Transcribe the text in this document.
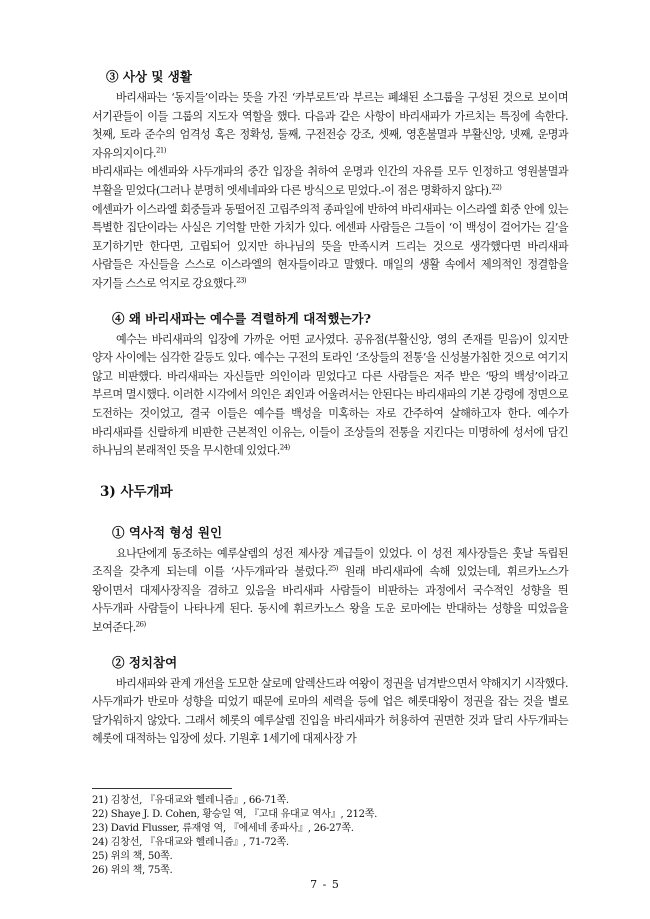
③ 사상 및 생활

바리새파는 ‘동지들’이라는 뜻을 가진 ‘카부로트’라 부르는 폐쇄된 소그룹을 구성된 것으로 보이며 서기관들이 이들 그룹의 지도자 역할을 했다. 다음과 같은 사항이 바리새파가 가르치는 특징에 속한다. 첫째, 토라 준수의 엄격성 혹은 정확성, 둘째, 구전전승 강조, 셋째, 영혼불멸과 부활신앙, 넷째, 운명과 자유의지이다.$^{21)}$

바리새파는 에센파와 사두개파의 중간 입장을 취하여 운명과 인간의 자유를 모두 인정하고 영원불멸과 부활을 믿었다(그러나 분명히 엣세네파와 다른 방식으로 믿었다.-이 점은 명확하지 않다).$^{22)}$

에센파가 이스라엘 회중들과 동떨어진 고립주의적 종파일에 반하여 바리새파는 이스라엘 회중 안에 있는 특별한 집단이라는 사실은 기억할 만한 가치가 있다. 에센파 사람들은 그들이 ‘이 백성이 걸어가는 길’을 포기하기만 한다면, 고립되어 있지만 하나님의 뜻을 만족시켜 드리는 것으로 생각했다면 바리새파 사람들은 자신들을 스스로 이스라엘의 현자들이라고 말했다. 매일의 생활 속에서 제의적인 정결함을 자기들 스스로 억지로 강요했다.$^{23)}$

④ 왜 바리새파는 예수를 격렬하게 대적했는가?

예수는 바리새파의 입장에 가까운 어떤 교사였다. 공유점(부활신앙, 영의 존재를 믿음)이 있지만 양자 사이에는 심각한 갈등도 있다. 예수는 구전의 토라인 ‘조상들의 전통’을 신성불가침한 것으로 여기지 않고 비판했다. 바리새파는 자신들만 의인이라 믿었다고 다른 사람들은 저주 받은 ‘땅의 백성’이라고 부르며 멸시했다. 이러한 시각에서 의인은 죄인과 어울려서는 안된다는 바리새파의 기본 강령에 정면으로 도전하는 것이었고, 결국 이들은 예수를 백성을 미혹하는 자로 간주하여 살해하고자 한다. 예수가 바리새파를 신랄하게 비판한 근본적인 이유는, 이들이 조상들의 전통을 지킨다는 미명하에 성서에 담긴 하나님의 본래적인 뜻을 무시한데 있었다.$^{24)}$

3) 사두개파
① 역사적 형성 원인

요나단에게 동조하는 예루살렘의 성전 제사장 계급들이 있었다. 이 성전 제사장들은 훗날 독립된 조직을 갖추게 되는데 이를 ‘사두개파’라 불렀다.$^{25)}$ 원래 바리새파에 속해 있었는데, 휘르카노스가 왕이면서 대제사장직을 겸하고 있음을 바리새파 사람들이 비판하는 과정에서 국수적인 성향을 띈 사두개파 사람들이 나타나게 된다. 동시에 휘르카노스 왕을 도운 로마에는 반대하는 성향을 띠었음을 보여준다.$^{26)}$

② 정치참여

바리새파와 관계 개선을 도모한 살로메 알렉산드라 여왕이 정권을 넘겨받으면서 약해지기 시작했다. 사두개파가 반로마 성향을 띠었기 때문에 로마의 세력을 등에 업은 헤롯대왕이 정권을 잡는 것을 별로 달가워하지 않았다. 그래서 헤롯의 예루살렘 진입을 바리새파가 허용하여 권면한 것과 달리 사두개파는 헤롯에 대적하는 입장에 섰다. 기원후 1세기에 대제사장 가

21) 김창선, 『유대교와 헬레니즘』, 66-71쪽.
22) Shaye J. D. Cohen, 황승일 역, 『고대 유대교 역사』, 212쪽.
23) David Flusser, 류재영 역, 『에세네 종파사』, 26-27쪽.
24) 김창선, 『유대교와 헬레니즘』, 71-72쪽.
25) 위의 책, 50쪽.
26) 위의 책, 75쪽.
7 - 5
